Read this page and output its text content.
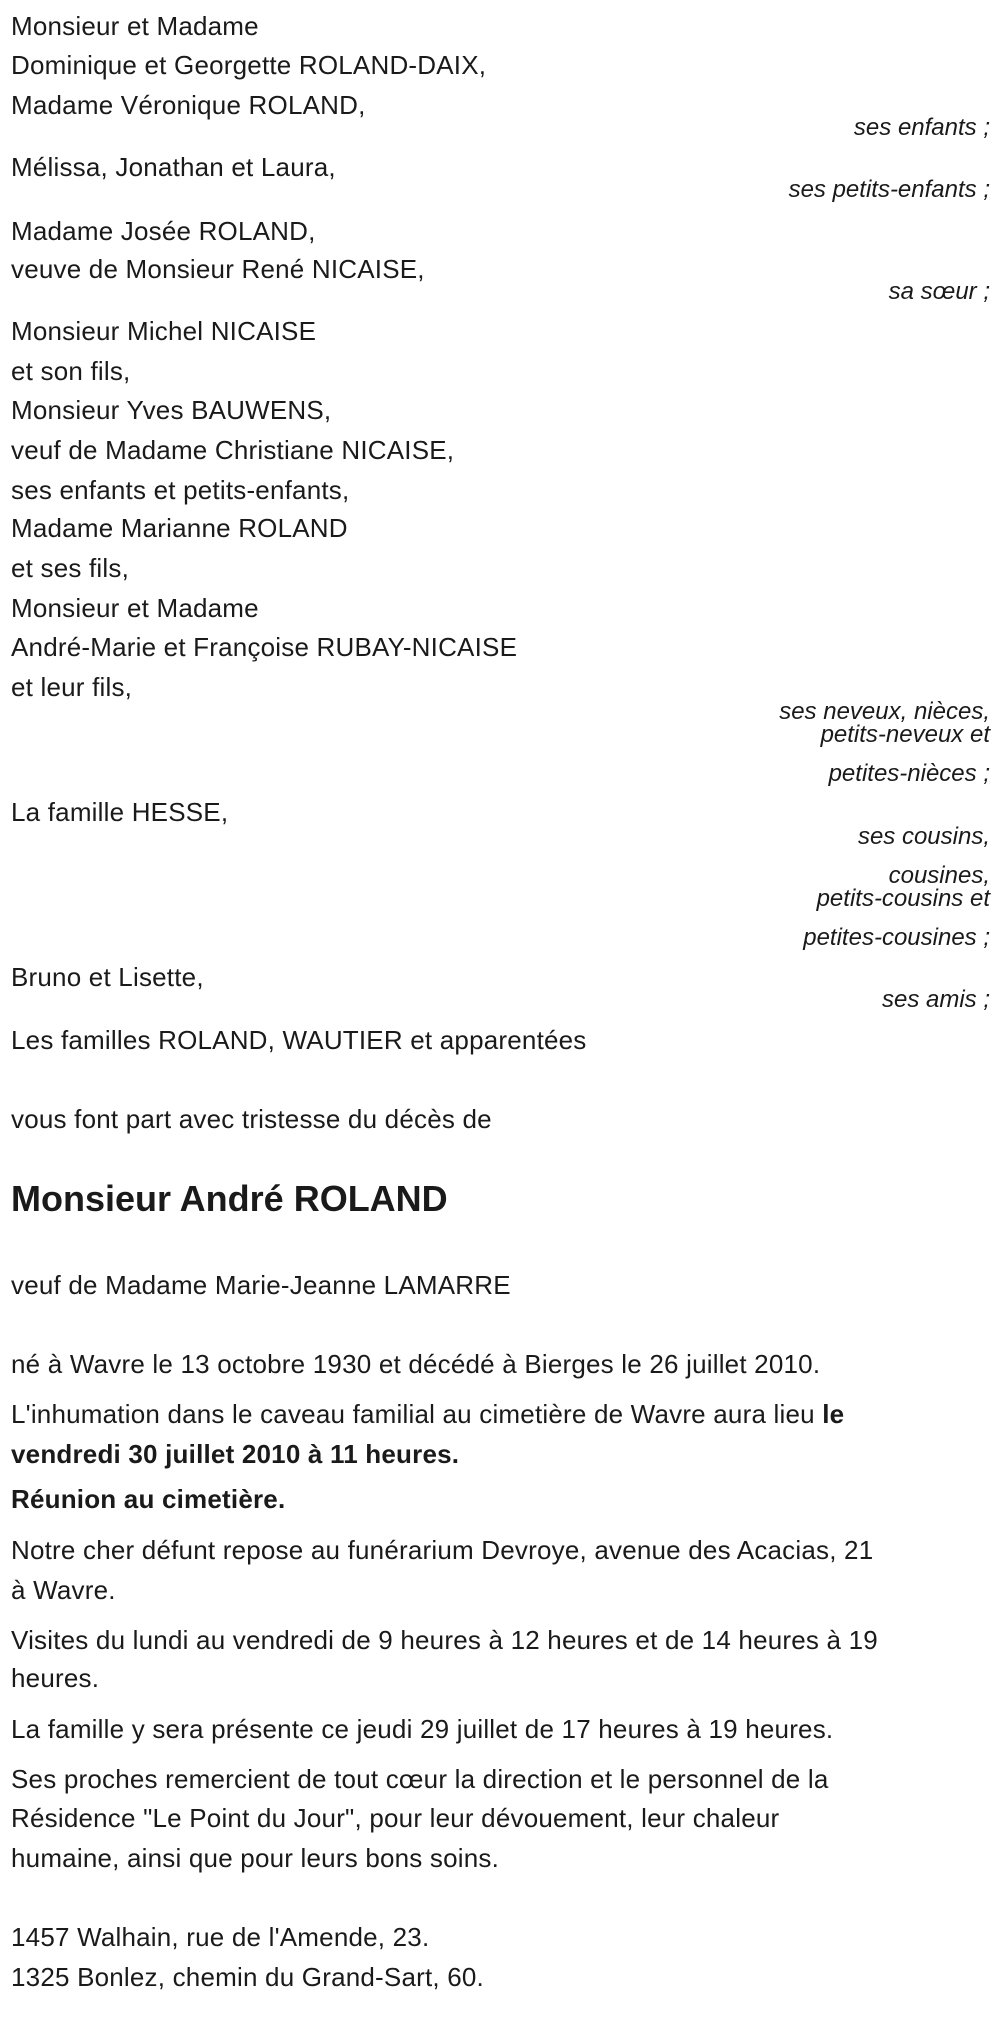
Monsieur et Madame
Dominique et Georgette ROLAND-DAIX,
Madame Véronique ROLAND,
ses enfants ;
Mélissa, Jonathan et Laura,
ses petits-enfants ;
Madame Josée ROLAND,
veuve de Monsieur René NICAISE,
sa sœur ;
Monsieur Michel NICAISE
et son fils,
Monsieur Yves BAUWENS,
veuf de Madame Christiane NICAISE,
ses enfants et petits-enfants,
Madame Marianne ROLAND
et ses fils,
Monsieur et Madame
André-Marie et Françoise RUBAY-NICAISE
et leur fils,
ses neveux, nièces,
petits-neveux et
petites-nièces ;
La famille HESSE,
ses cousins,
cousines,
petits-cousins et
petites-cousines ;
Bruno et Lisette,
ses amis ;
Les familles ROLAND, WAUTIER et apparentées
vous font part avec tristesse du décès de
Monsieur André ROLAND
veuf de Madame Marie-Jeanne LAMARRE
né à Wavre le 13 octobre 1930 et décédé à Bierges le 26 juillet 2010.
L'inhumation dans le caveau familial au cimetière de Wavre aura lieu le
vendredi 30 juillet 2010 à 11 heures.
Réunion au cimetière.
Notre cher défunt repose au funérarium Devroye, avenue des Acacias, 21
à Wavre.
Visites du lundi au vendredi de 9 heures à 12 heures et de 14 heures à 19
heures.
La famille y sera présente ce jeudi 29 juillet de 17 heures à 19 heures.
Ses proches remercient de tout cœur la direction et le personnel de la
Résidence "Le Point du Jour", pour leur dévouement, leur chaleur
humaine, ainsi que pour leurs bons soins.
1457 Walhain, rue de l'Amende, 23.
1325 Bonlez, chemin du Grand-Sart, 60.
